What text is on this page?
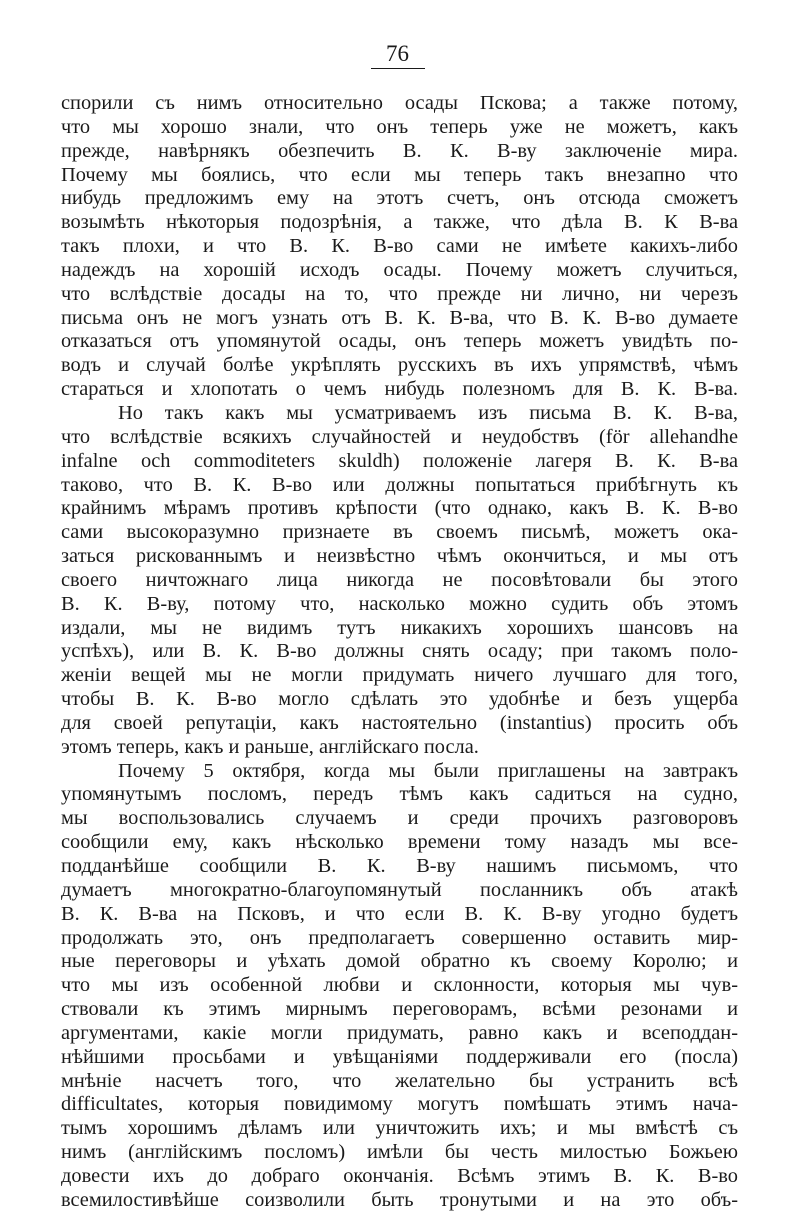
76
спорили съ нимъ относительно осады Пскова; а также потому,
что мы хорошо знали, что онъ теперь уже не можетъ, какъ
прежде, навѣрнякъ обезпечить В. К. В-ву заключеніе мира.
Почему мы боялись, что если мы теперь такъ внезапно что
нибудь предложимъ ему на этотъ счетъ, онъ отсюда сможетъ
возымѣть нѣкоторыя подозрѣнія, а также, что дѣла В. К В-ва
такъ плохи, и что В. К. В-во сами не имѣете какихъ-либо
надеждъ на хорошій исходъ осады. Почему можетъ случиться,
что вслѣдствіе досады на то, что прежде ни лично, ни черезъ
письма онъ не могъ узнать отъ В. К. В-ва, что В. К. В-во думаете
отказаться отъ упомянутой осады, онъ теперь можетъ увидѣть по-
водъ и случай болѣе укрѣплять русскихъ въ ихъ упрямствѣ, чѣмъ
стараться и хлопотать о чемъ нибудь полезномъ для В. К. В-ва.
Но такъ какъ мы усматриваемъ изъ письма В. К. В-ва,
что вслѣдствіе всякихъ случайностей и неудобствъ (för allehandhe
infalne och commoditeters skuldh) положеніе лагеря В. К. В-ва
таково, что В. К. В-во или должны попытаться прибѣгнуть къ
крайнимъ мѣрамъ противъ крѣпости (что однако, какъ В. К. В-во
сами высокоразумно признаете въ своемъ письмѣ, можетъ ока-
заться рискованнымъ и неизвѣстно чѣмъ окончиться, и мы отъ
своего ничтожнаго лица никогда не посовѣтовали бы этого
В. К. В-ву, потому что, насколько можно судить объ этомъ
издали, мы не видимъ тутъ никакихъ хорошихъ шансовъ на
успѣхъ), или В. К. В-во должны снять осаду; при такомъ поло-
женіи вещей мы не могли придумать ничего лучшаго для того,
чтобы В. К. В-во могло сдѣлать это удобнѣе и безъ ущерба
для своей репутаціи, какъ настоятельно (instantius) просить объ
этомъ теперь, какъ и раньше, англійскаго посла.
Почему 5 октября, когда мы были приглашены на завтракъ
упомянутымъ посломъ, передъ тѣмъ какъ садиться на судно,
мы воспользовались случаемъ и среди прочихъ разговоровъ
сообщили ему, какъ нѣсколько времени тому назадъ мы все-
подданѣйше сообщили В. К. В-ву нашимъ письмомъ, что
думаетъ многократно-благоупомянутый посланникъ объ атакѣ
В. К. В-ва на Псковъ, и что если В. К. В-ву угодно будетъ
продолжать это, онъ предполагаетъ совершенно оставить мир-
ные переговоры и уѣхать домой обратно къ своему Королю; и
что мы изъ особенной любви и склонности, которыя мы чув-
ствовали къ этимъ мирнымъ переговорамъ, всѣми резонами и
аргументами, какіе могли придумать, равно какъ и всеподдан-
нѣйшими просьбами и увѣщаніями поддерживали его (посла)
мнѣніе насчетъ того, что желательно бы устранить всѣ
difficultates, которыя повидимому могутъ помѣшать этимъ нача-
тымъ хорошимъ дѣламъ или уничтожить ихъ; и мы вмѣстѣ съ
нимъ (англійскимъ посломъ) имѣли бы честь милостью Божьею
довести ихъ до добраго окончанія. Всѣмъ этимъ В. К. В-во
всемилостивѣйше соизволили быть тронутыми и на это объ-
